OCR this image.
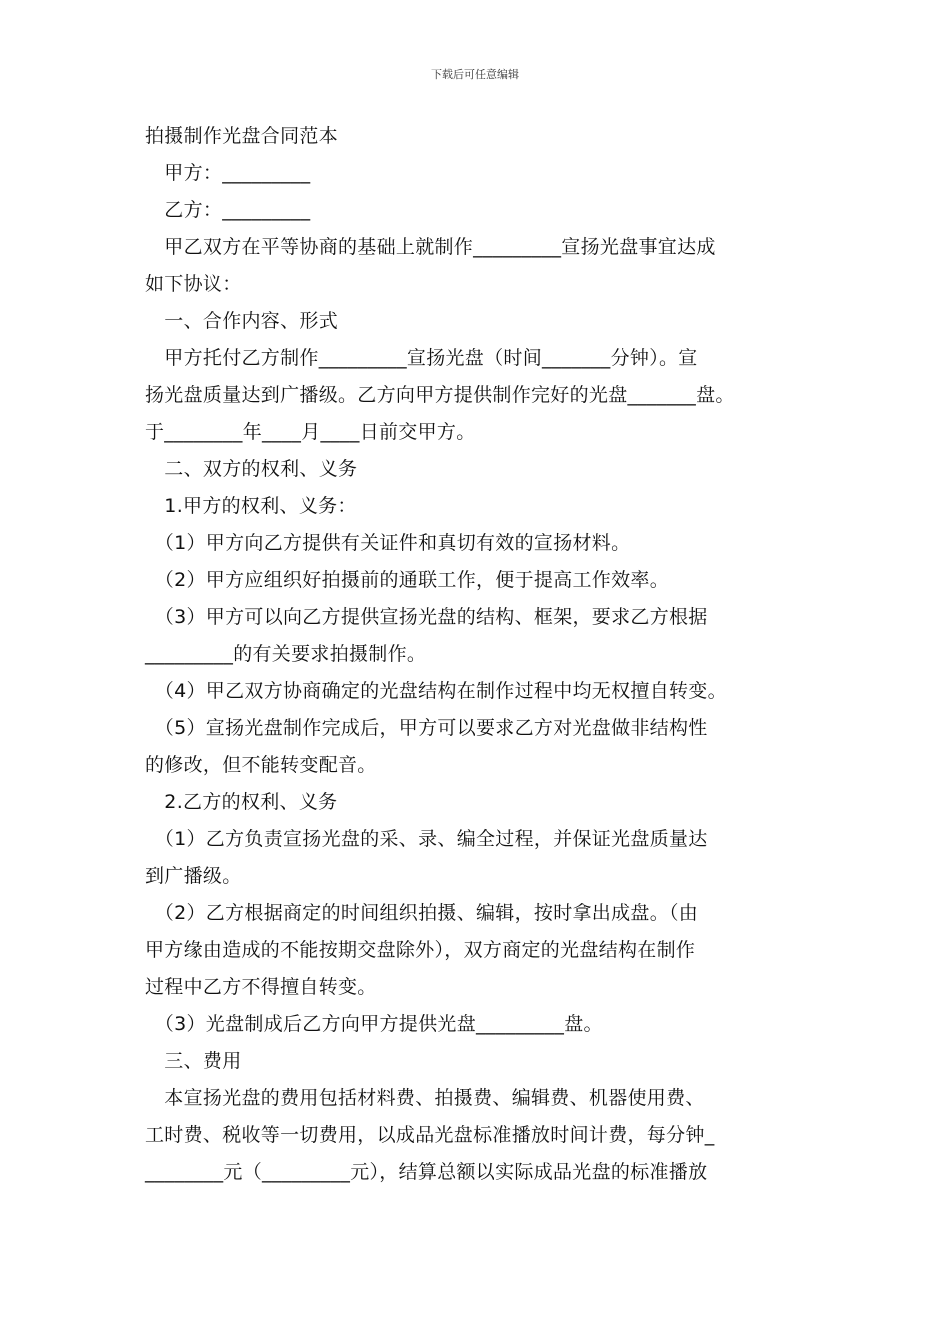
下载后可任意编辑
拍摄制作光盘合同范本
　甲方：_________
　乙方：_________
　甲乙双方在平等协商的基础上就制作_________宣扬光盘事宜达成
如下协议：
　一、合作内容、形式
　甲方托付乙方制作_________宣扬光盘（时间_______分钟）。宣
扬光盘质量达到广播级。乙方向甲方提供制作完好的光盘_______盘。
于________年____月____日前交甲方。
　二、双方的权利、义务
　1.甲方的权利、义务：
　（1）甲方向乙方提供有关证件和真切有效的宣扬材料。
　（2）甲方应组织好拍摄前的通联工作，便于提高工作效率。
　（3）甲方可以向乙方提供宣扬光盘的结构、框架，要求乙方根据
_________的有关要求拍摄制作。
　（4）甲乙双方协商确定的光盘结构在制作过程中均无权擅自转变。
　（5）宣扬光盘制作完成后，甲方可以要求乙方对光盘做非结构性
的修改，但不能转变配音。
　2.乙方的权利、义务
　（1）乙方负责宣扬光盘的采、录、编全过程，并保证光盘质量达
到广播级。
　（2）乙方根据商定的时间组织拍摄、编辑，按时拿出成盘。（由
甲方缘由造成的不能按期交盘除外），双方商定的光盘结构在制作
过程中乙方不得擅自转变。
　（3）光盘制成后乙方向甲方提供光盘_________盘。
　三、费用
　本宣扬光盘的费用包括材料费、拍摄费、编辑费、机器使用费、
工时费、税收等一切费用，以成品光盘标准播放时间计费，每分钟_
________元（_________元），结算总额以实际成品光盘的标准播放
